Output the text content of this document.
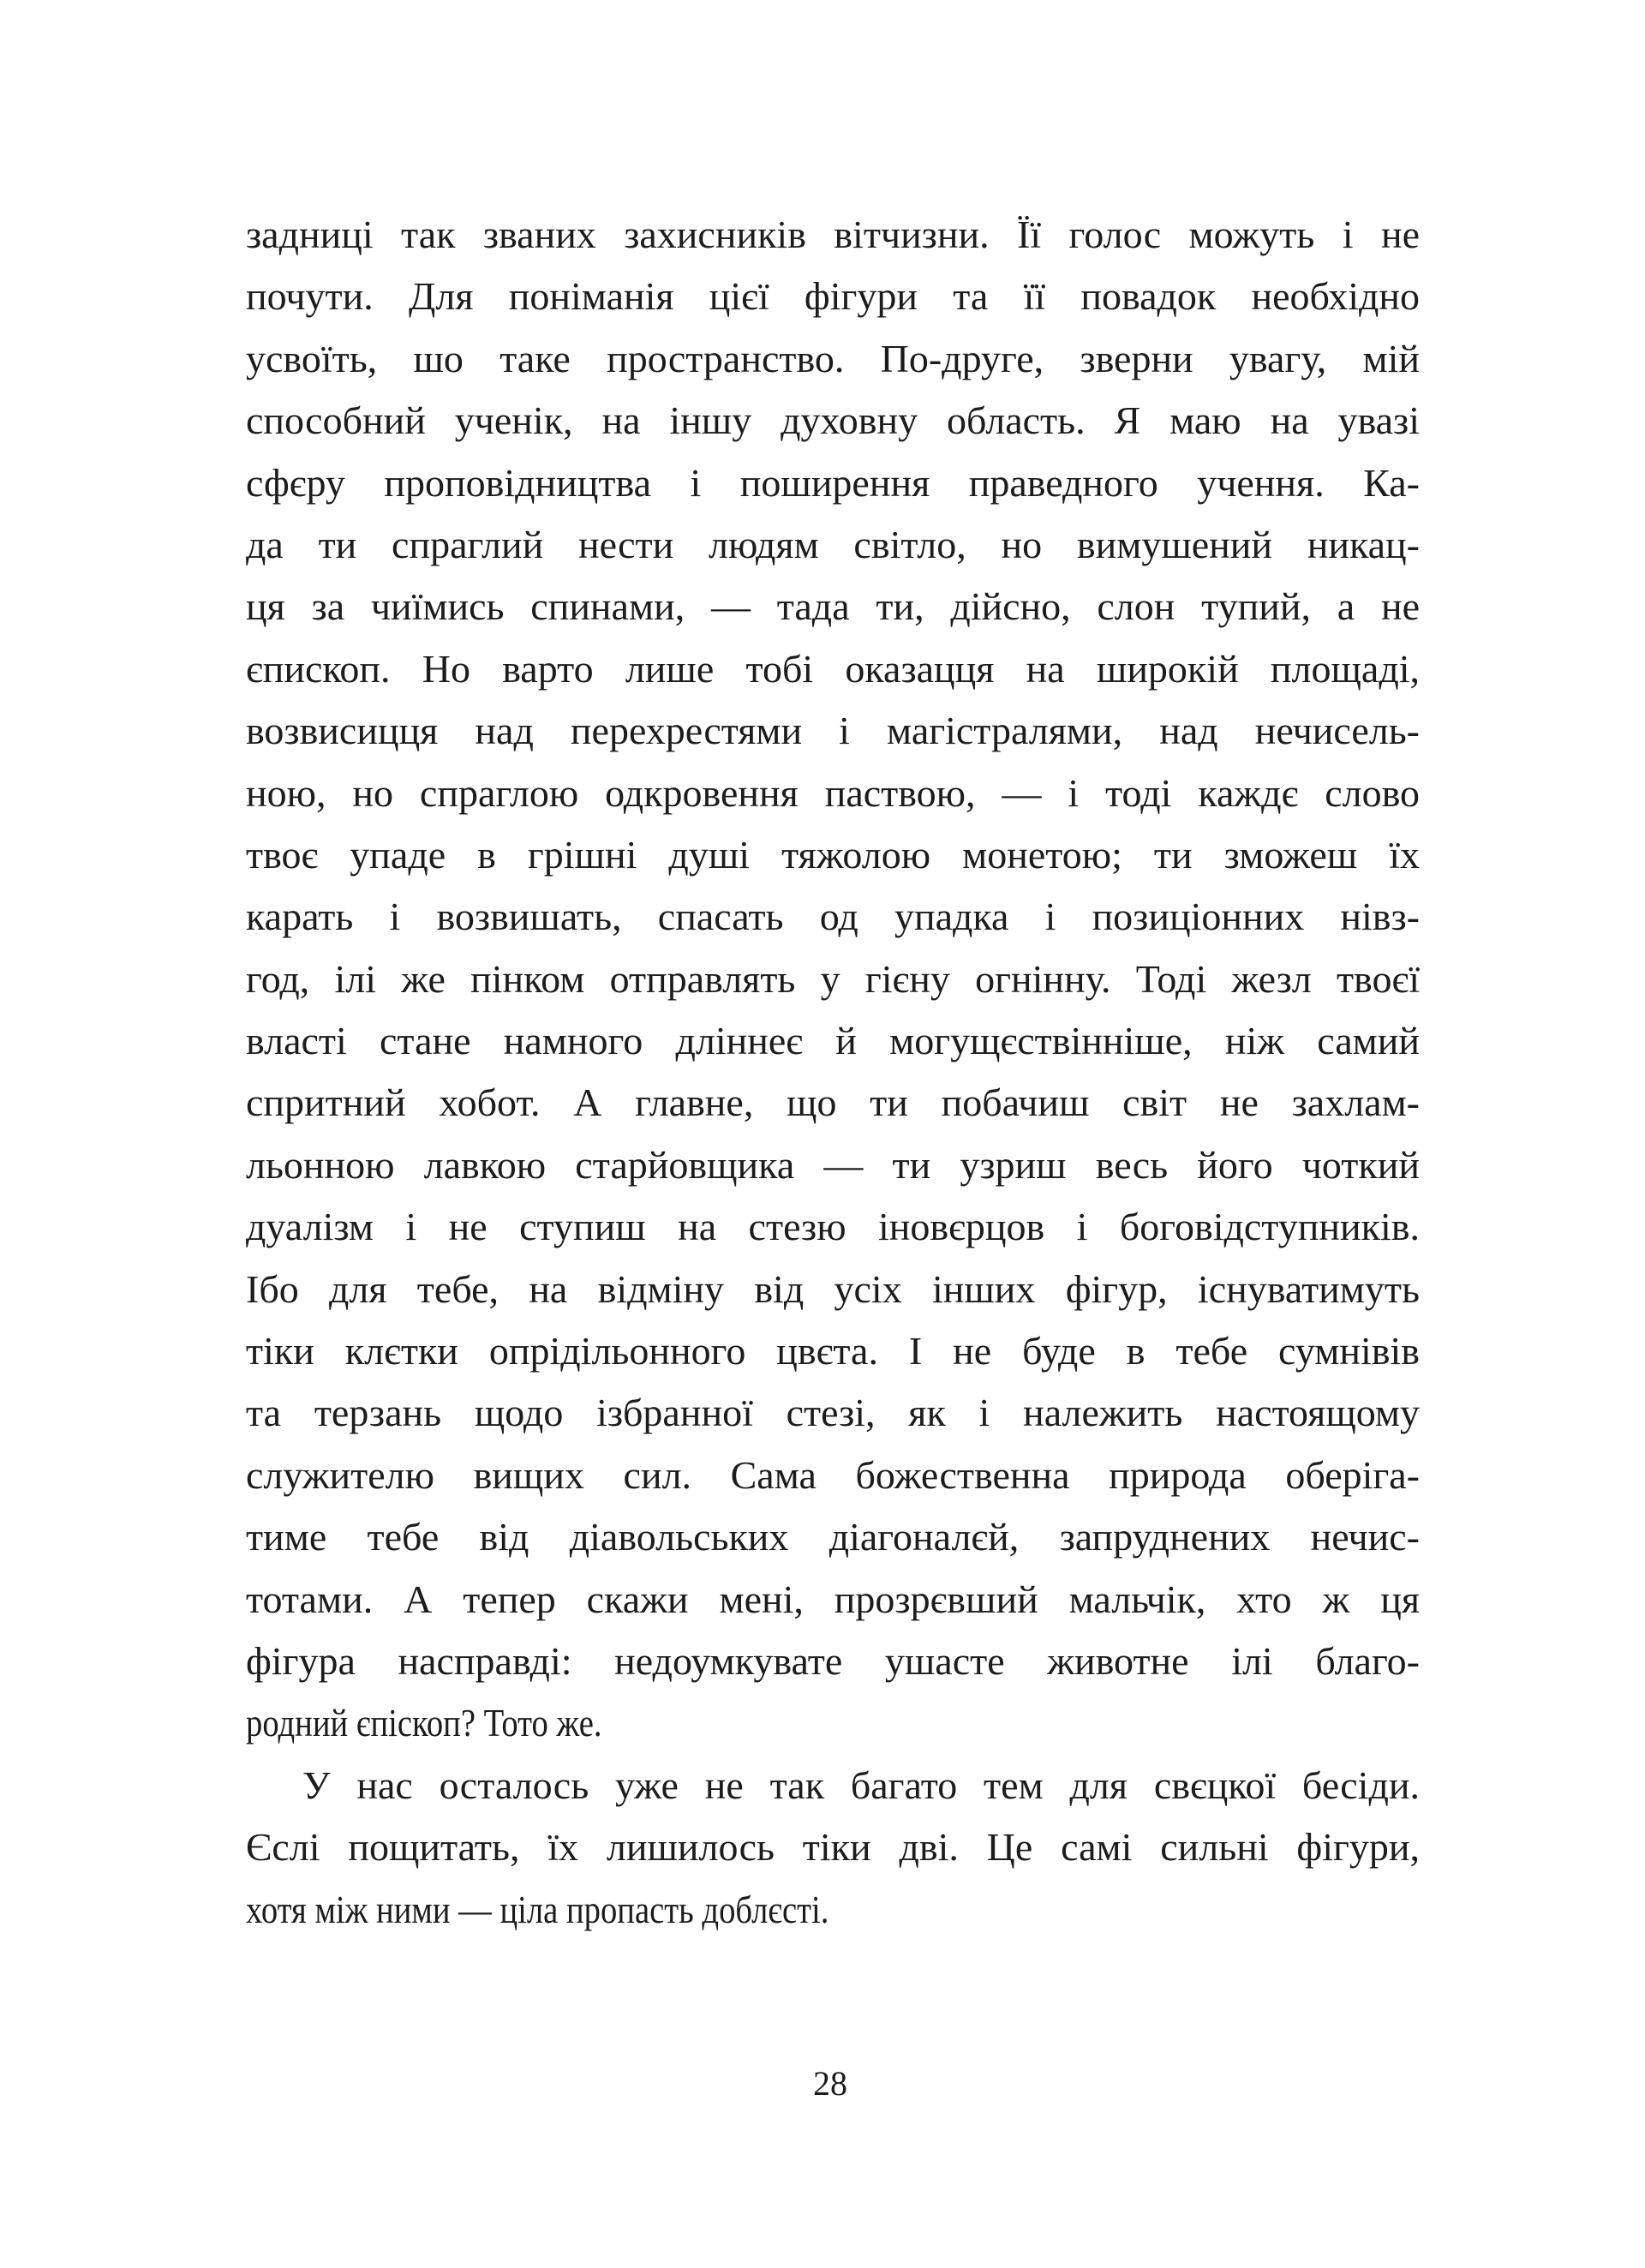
задниці так званих захисників вітчизни. Її голос можуть і не
почути. Для поніманія цієї фігури та її повадок необхідно
усвоїть, шо таке пространство. По-друге, зверни увагу, мій
способний ученік, на іншу духовну область. Я маю на увазі
сфєру проповідництва і поширення праведного учення. Ка-
да ти спраглий нести людям світло, но вимушений никац-
ця за чиїмись спинами, — тада ти, дійсно, слон тупий, а не
єпископ. Но варто лише тобі оказацця на широкій площаді,
возвисицця над перехрестями і магістралями, над нечисель-
ною, но спраглою одкровення паствою, — і тоді каждє слово
твоє упаде в грішні душі тяжолою монетою; ти зможеш їх
карать і возвишать, спасать од упадка і позиціонних нівз-
год, ілі же пінком отправлять у гієну огнінну. Тоді жезл твоєї
власті стане намного дліннеє й могущєствінніше, ніж самий
спритний хобот. А главне, що ти побачиш світ не захлам-
льонною лавкою старйовщика — ти узриш весь його чоткий
дуалізм і не ступиш на стезю іновєрцов і боговідступників.
Ібо для тебе, на відміну від усіх інших фігур, існуватимуть
тіки клєтки опрідільонного цвєта. І не буде в тебе сумнівів
та терзань щодо ізбранної стезі, як і належить настоящому
служителю вищих сил. Сама божественна природа оберіга-
тиме тебе від діавольських діагоналєй, запруднених нечис-
тотами. А тепер скажи мені, прозрєвший мальчік, хто ж ця
фігура насправді: недоумкувате ушасте животне ілі благо-
родний єпіскоп? Тото же.
У нас осталось уже не так багато тем для свєцкої бесіди.
Єслі пощитать, їх лишилось тіки дві. Це самі сильні фігури,
хотя між ними — ціла пропасть доблєсті.
28
